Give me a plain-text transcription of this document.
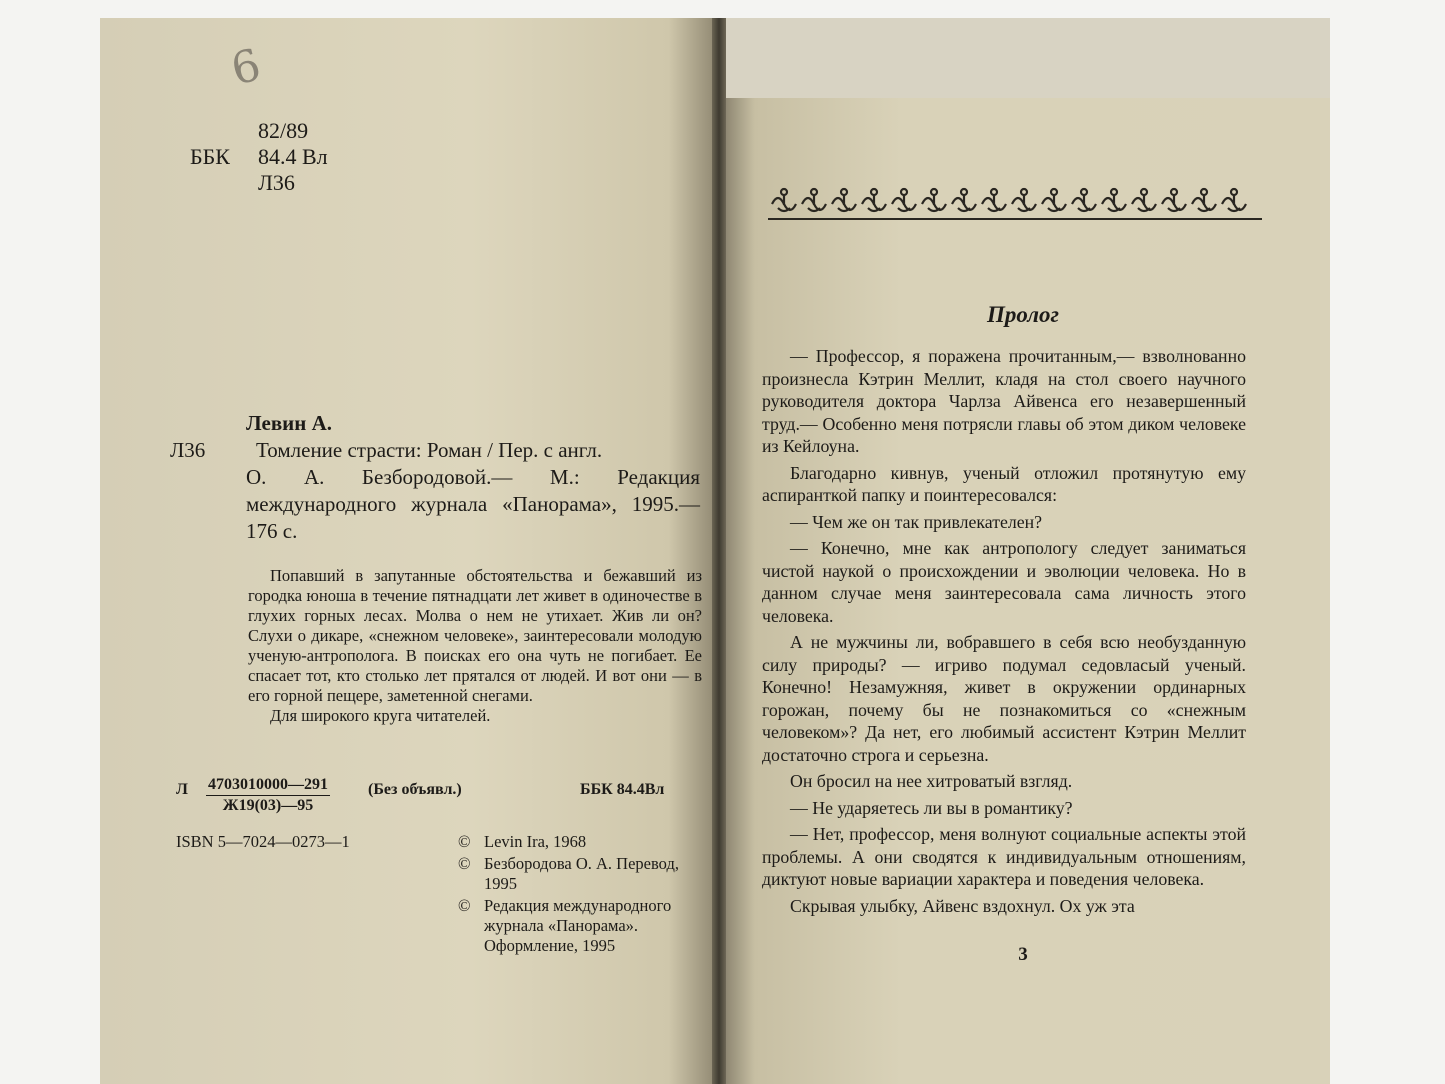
6
82/89
ББК	84.4 Вл
Л36
Левин А.
Л36 Томление страсти: Роман / Пер. с англ.
О. А. Безбородовой.— М.: Редакция международного журнала «Панорама», 1995.— 176 с.

Попавший в запутанные обстоятельства и бежавший из городка юноша в течение пятнадцати лет живет в одиночестве в глухих горных лесах. Молва о нем не утихает. Жив ли он? Слухи о дикаре, «снежном человеке», заинтересовали молодую ученую-антрополога. В поисках его она чуть не погибает. Ее спасает тот, кто столько лет прятался от людей. И вот они — в его горной пещере, заметенной снегами.

Для широкого круга читателей.

Л 4703010000—291
Ж19(03)—95
(Без объявл.)	ББК 84.4Вл
ISBN 5—7024—0273—1	© Levin Ira, 1968
© Безбородова О. А. Перевод, 1995
© Редакция международного журнала «Панорама». Оформление, 1995
Пролог

— Профессор, я поражена прочитанным,— взволнованно произнесла Кэтрин Меллит, кладя на стол своего научного руководителя доктора Чарлза Айвенса его незавершенный труд.— Особенно меня потрясли главы об этом диком человеке из Кейлоуна.

Благодарно кивнув, ученый отложил протянутую ему аспиранткой папку и поинтересовался:

— Чем же он так привлекателен?

— Конечно, мне как антропологу следует заниматься чистой наукой о происхождении и эволюции человека. Но в данном случае меня заинтересовала сама личность этого человека.

А не мужчины ли, вобравшего в себя всю необузданную силу природы? — игриво подумал седовласый ученый. Конечно! Незамужняя, живет в окружении ординарных горожан, почему бы не познакомиться со «снежным человеком»? Да нет, его любимый ассистент Кэтрин Меллит достаточно строга и серьезна.

Он бросил на нее хитроватый взгляд.

— Не ударяетесь ли вы в романтику?

— Нет, профессор, меня волнуют социальные аспекты этой проблемы. А они сводятся к индивидуальным отношениям, диктуют новые вариации характера и поведения человека.

Скрывая улыбку, Айвенс вздохнул. Ох уж эта

3
